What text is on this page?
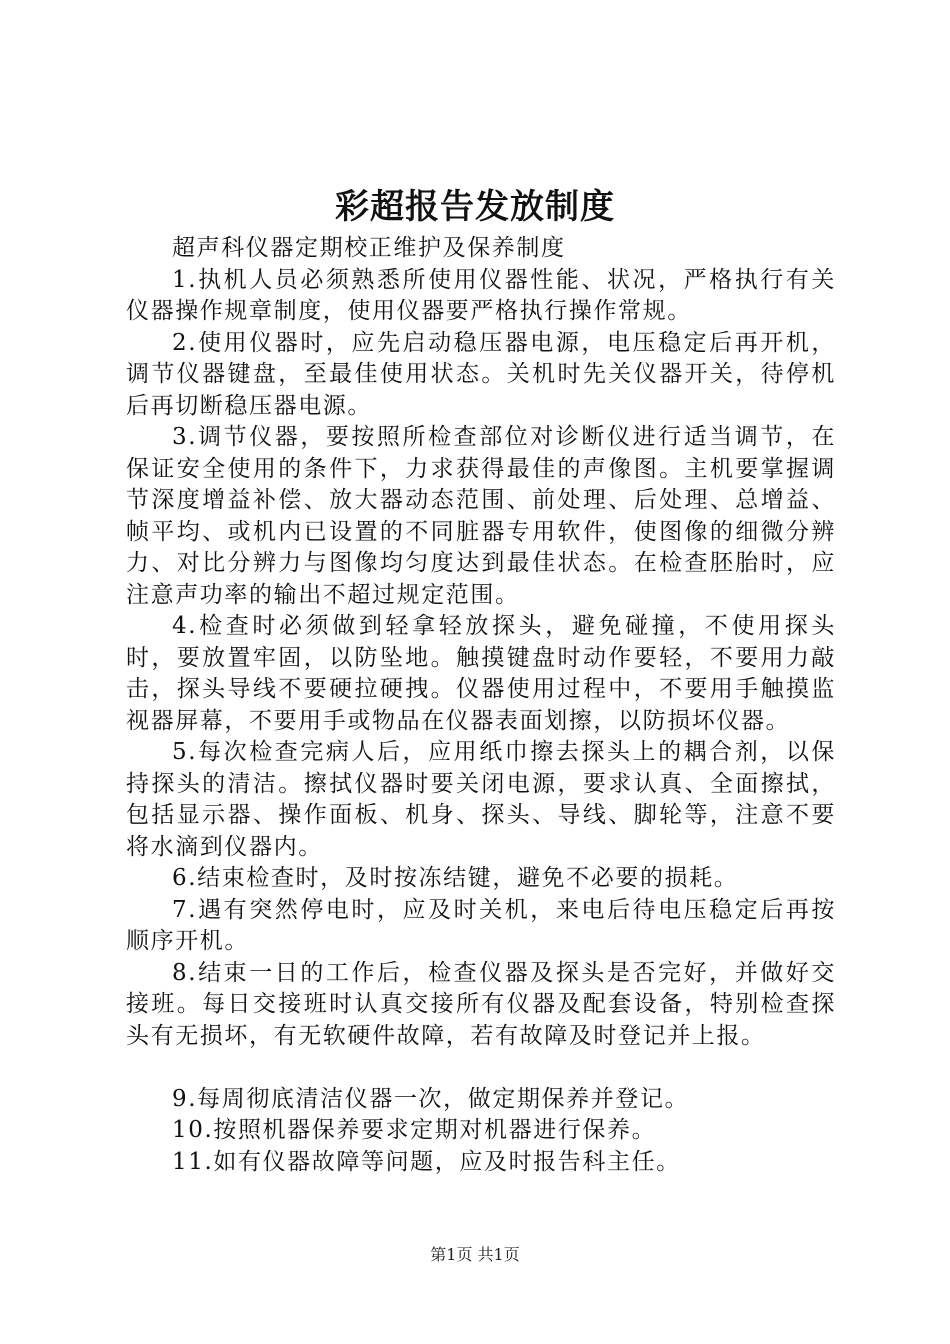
彩超报告发放制度

超声科仪器定期校正维护及保养制度

1.执机人员必须熟悉所使用仪器性能、状况，严格执行有关仪器操作规章制度，使用仪器要严格执行操作常规。

2.使用仪器时，应先启动稳压器电源，电压稳定后再开机，调节仪器键盘，至最佳使用状态。关机时先关仪器开关，待停机后再切断稳压器电源。

3.调节仪器，要按照所检查部位对诊断仪进行适当调节，在保证安全使用的条件下，力求获得最佳的声像图。主机要掌握调节深度增益补偿、放大器动态范围、前处理、后处理、总增益、帧平均、或机内已设置的不同脏器专用软件，使图像的细微分辨力、对比分辨力与图像均匀度达到最佳状态。在检查胚胎时，应注意声功率的输出不超过规定范围。

4.检查时必须做到轻拿轻放探头，避免碰撞，不使用探头时，要放置牢固，以防坠地。触摸键盘时动作要轻，不要用力敲击，探头导线不要硬拉硬拽。仪器使用过程中，不要用手触摸监视器屏幕，不要用手或物品在仪器表面划擦，以防损坏仪器。

5.每次检查完病人后，应用纸巾擦去探头上的耦合剂，以保持探头的清洁。擦拭仪器时要关闭电源，要求认真、全面擦拭，包括显示器、操作面板、机身、探头、导线、脚轮等，注意不要将水滴到仪器内。

6.结束检查时，及时按冻结键，避免不必要的损耗。

7.遇有突然停电时，应及时关机，来电后待电压稳定后再按顺序开机。

8.结束一日的工作后，检查仪器及探头是否完好，并做好交接班。每日交接班时认真交接所有仪器及配套设备，特别检查探头有无损坏，有无软硬件故障，若有故障及时登记并上报。

9.每周彻底清洁仪器一次，做定期保养并登记。

10.按照机器保养要求定期对机器进行保养。

11.如有仪器故障等问题，应及时报告科主任。

第1页 共1页
